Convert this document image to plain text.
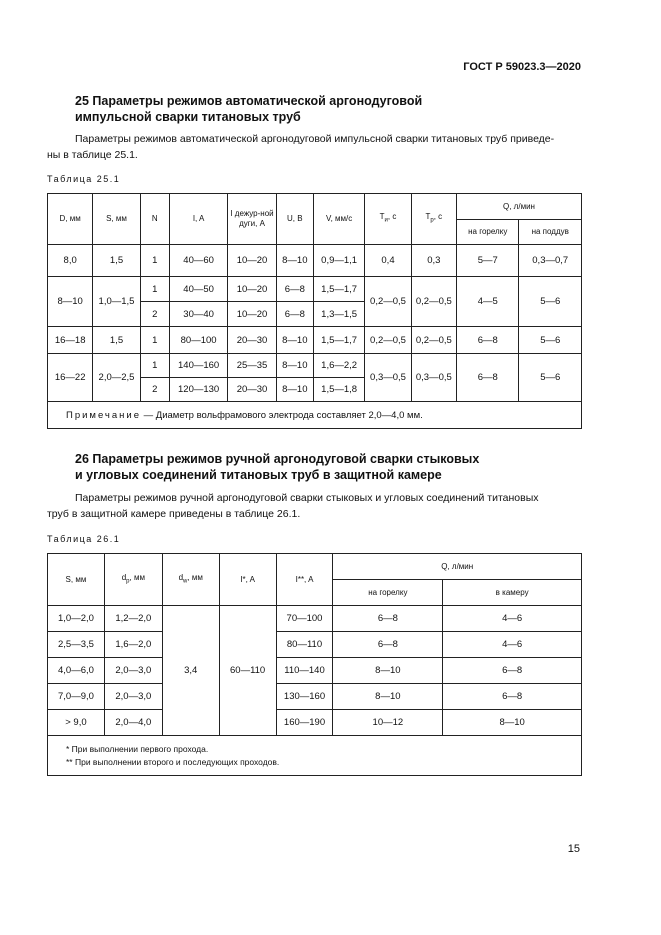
ГОСТ Р 59023.3—2020
25 Параметры режимов автоматической аргонодуговой
импульсной сварки титановых труб

Параметры режимов автоматической аргонодуговой импульсной сварки титановых труб приведе-
ны в таблице 25.1.

Таблица 25.1
D, мм	S, мм	N	I, A	I дежур-ной дуги, А	U, В	V, мм/с	$T_и$, с	$T_р$, с	Q, л/мин	
									на горелку	на поддув
8,0	1,5	1	40—60	10—20	8—10	0,9—1,1	0,4	0,3	5—7	0,3—0,7
8—10	1,0—1,5	1	40—50	10—20	6—8	1,5—1,7	0,2—0,5	0,2—0,5	4—5	5—6
		2	30—40	10—20	6—8	1,3—1,5				
16—18	1,5	1	80—100	20—30	8—10	1,5—1,7	0,2—0,5	0,2—0,5	6—8	5—6
16—22	2,0—2,5	1	140—160	25—35	8—10	1,6—2,2	0,3—0,5	0,3—0,5	6—8	5—6
		2	120—130	20—30	8—10	1,5—1,8				
Примечание — Диаметр вольфрамового электрода составляет 2,0—4,0 мм.										
26 Параметры режимов ручной аргонодуговой сварки стыковых
и угловых соединений титановых труб в защитной камере

Параметры режимов ручной аргонодуговой сварки стыковых и угловых соединений титановых
труб в защитной камере приведены в таблице 26.1.

Таблица 26.1
S, мм	$d_р$, мм	$d_w$, мм	I*, A	I**, A	Q, л/мин	
					на горелку	в камеру
1,0—2,0	1,2—2,0	3,4	60—110	70—100	6—8	4—6
2,5—3,5	1,6—2,0			80—110	6—8	4—6
4,0—6,0	2,0—3,0			110—140	8—10	6—8
7,0—9,0	2,0—3,0			130—160	8—10	6—8
> 9,0	2,0—4,0			160—190	10—12	8—10

* При выполнении первого прохода.
** При выполнении второго и последующих проходов.						
15
